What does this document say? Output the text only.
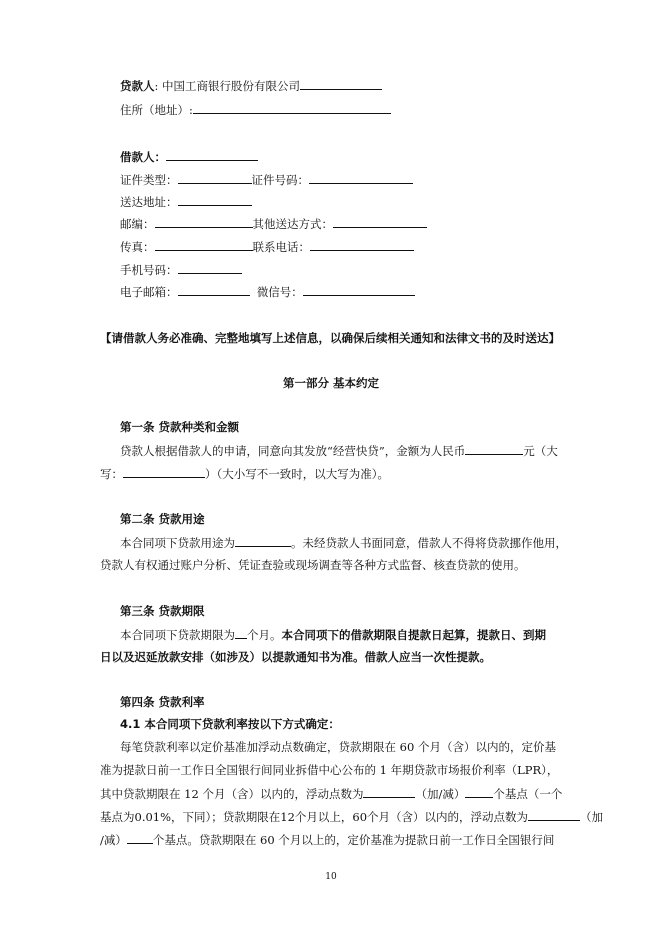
贷款人: 中国工商银行股份有限公司
住所（地址）:
借款人：
证件类型：	证件号码：
送达地址：
邮编：	其他送达方式：
传真：	联系电话：
手机号码：
电子邮箱：	微信号：
【请借款人务必准确、完整地填写上述信息，以确保后续相关通知和法律文书的及时送达】
第一部分 基本约定
第一条 贷款种类和金额
贷款人根据借款人的申请，同意向其发放“经营快贷”，金额为人民币	元（大
写：	）（大小写不一致时，以大写为准）。
第二条 贷款用途
本合同项下贷款用途为	。未经贷款人书面同意，借款人不得将贷款挪作他用，
贷款人有权通过账户分析、凭证查验或现场调查等各种方式监督、核查贷款的使用。
第三条 贷款期限
本合同项下贷款期限为 个月。本合同项下的借款期限自提款日起算，提款日、到期
日以及迟延放款安排（如涉及）以提款通知书为准。借款人应当一次性提款。
第四条 贷款利率
4.1 本合同项下贷款利率按以下方式确定：
每笔贷款利率以定价基准加浮动点数确定，贷款期限在 60 个月（含）以内的，定价基
准为提款日前一工作日全国银行间同业拆借中心公布的 1 年期贷款市场报价利率（LPR），
其中贷款期限在 12 个月（含）以内的，浮动点数为	（加/减） 个基点（一个
基点为0.01%，下同）；贷款期限在12个月以上，60个月（含）以内的，浮动点数为	（加
/减） 个基点。贷款期限在 60 个月以上的，定价基准为提款日前一工作日全国银行间
10
